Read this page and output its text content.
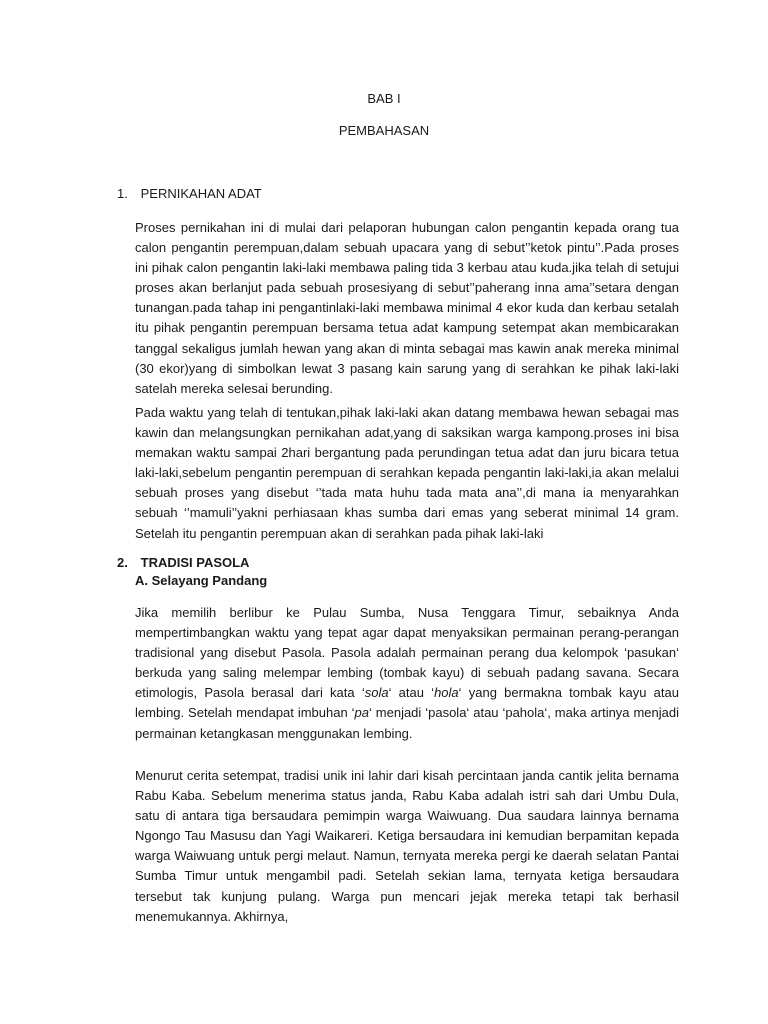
BAB I
PEMBAHASAN
1. PERNIKAHAN ADAT

Proses pernikahan ini di mulai dari pelaporan hubungan calon pengantin kepada orang tua calon pengantin perempuan,dalam sebuah upacara yang di sebut’’ketok pintu’’.Pada proses ini pihak calon pengantin laki-laki membawa paling tida 3 kerbau atau kuda.jika telah di setujui proses akan berlanjut pada sebuah prosesiyang di sebut’’paherang inna ama’’setara dengan tunangan.pada tahap ini pengantinlaki-laki membawa minimal 4 ekor kuda dan kerbau setalah itu pihak pengantin perempuan bersama tetua adat kampung setempat akan membicarakan tanggal sekaligus jumlah hewan yang akan di minta sebagai mas kawin anak mereka minimal (30 ekor)yang di simbolkan lewat 3 pasang kain sarung yang di serahkan ke pihak laki-laki satelah mereka selesai berunding.

Pada waktu yang telah di tentukan,pihak laki-laki akan datang membawa hewan sebagai mas kawin dan melangsungkan pernikahan adat,yang di saksikan warga kampong.proses ini bisa memakan waktu sampai 2hari bergantung pada perundingan tetua adat dan juru bicara tetua laki-laki,sebelum pengantin perempuan di serahkan kepada pengantin laki-laki,ia akan melalui sebuah proses yang disebut ‘’tada mata huhu tada mata ana’’,di mana ia menyarahkan sebuah ‘’mamuli’’yakni perhiasaan khas sumba dari emas yang seberat minimal 14 gram. Setelah itu pengantin perempuan akan di serahkan pada pihak laki-laki

2. TRADISI PASOLA
A. Selayang Pandang

Jika memilih berlibur ke Pulau Sumba, Nusa Tenggara Timur, sebaiknya Anda mempertimbangkan waktu yang tepat agar dapat menyaksikan permainan perang-perangan tradisional yang disebut Pasola. Pasola adalah permainan perang dua kelompok ‘pasukan‘ berkuda yang saling melempar lembing (tombak kayu) di sebuah padang savana. Secara etimologis, Pasola berasal dari kata ‘sola‘ atau ‘hola‘ yang bermakna tombak kayu atau lembing. Setelah mendapat imbuhan ‘pa‘ menjadi ‘pasola‘ atau ‘pahola‘, maka artinya menjadi permainan ketangkasan menggunakan lembing.

Menurut cerita setempat, tradisi unik ini lahir dari kisah percintaan janda cantik jelita bernama Rabu Kaba. Sebelum menerima status janda, Rabu Kaba adalah istri sah dari Umbu Dula, satu di antara tiga bersaudara pemimpin warga Waiwuang. Dua saudara lainnya bernama Ngongo Tau Masusu dan Yagi Waikareri. Ketiga bersaudara ini kemudian berpamitan kepada warga Waiwuang untuk pergi melaut. Namun, ternyata mereka pergi ke daerah selatan Pantai Sumba Timur untuk mengambil padi. Setelah sekian lama, ternyata ketiga bersaudara tersebut tak kunjung pulang. Warga pun mencari jejak mereka tetapi tak berhasil menemukannya. Akhirnya,
